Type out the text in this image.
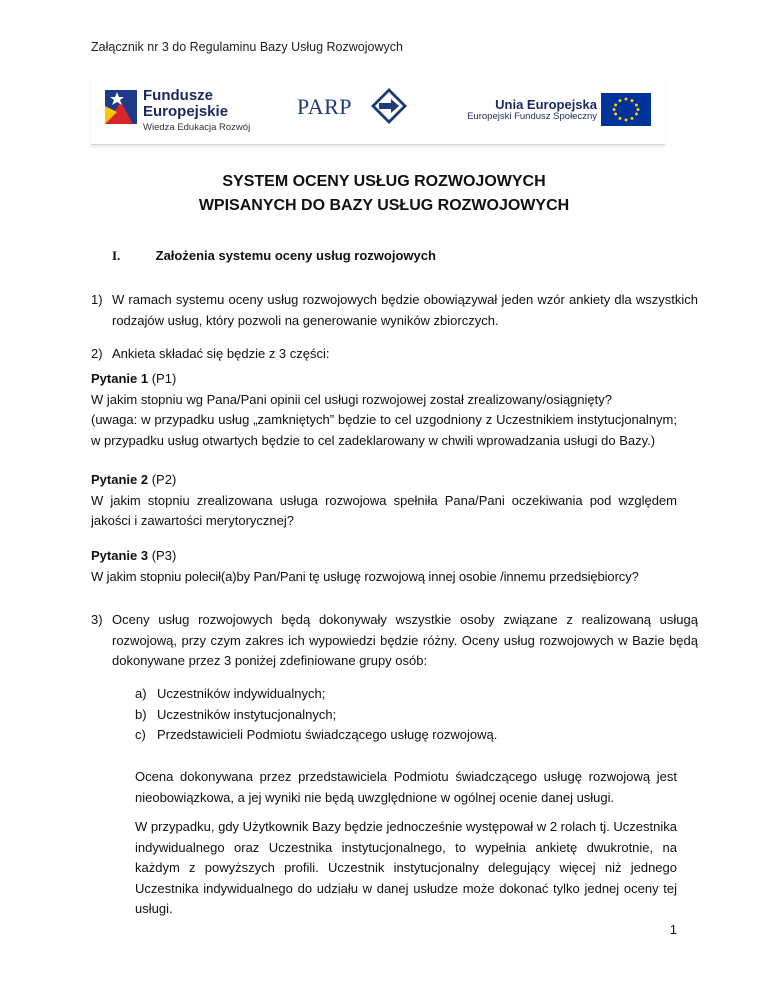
Załącznik nr 3 do Regulaminu Bazy Usług Rozwojowych
Fundusze
Europejskie
Wiedza Edukacja Rozwój
PARP	Unia Europejska
Europejski Fundusz Społeczny
SYSTEM OCENY USŁUG ROZWOJOWYCH
WPISANYCH DO BAZY USŁUG ROZWOJOWYCH
I.	Założenia systemu oceny usług rozwojowych
1) W ramach systemu oceny usług rozwojowych będzie obowiązywał jeden wzór ankiety dla wszystkich rodzajów usług, który pozwoli na generowanie wyników zbiorczych.
2) Ankieta składać się będzie z 3 części:
Pytanie 1 (P1)
W jakim stopniu wg Pana/Pani opinii cel usługi rozwojowej został zrealizowany/osiągnięty?
(uwaga: w przypadku usług „zamkniętych” będzie to cel uzgodniony z Uczestnikiem instytucjonalnym; w przypadku usług otwartych będzie to cel zadeklarowany w chwili wprowadzania usługi do Bazy.)
Pytanie 2 (P2)
W jakim stopniu zrealizowana usługa rozwojowa spełniła Pana/Pani oczekiwania pod względem jakości i zawartości merytorycznej?
Pytanie 3 (P3)
W jakim stopniu polecił(a)by Pan/Pani tę usługę rozwojową innej osobie /innemu przedsiębiorcy?
3) Oceny usług rozwojowych będą dokonywały wszystkie osoby związane z realizowaną usługą rozwojową, przy czym zakres ich wypowiedzi będzie różny. Oceny usług rozwojowych w Bazie będą dokonywane przez 3 poniżej zdefiniowane grupy osób:
a) Uczestników indywidualnych;
b) Uczestników instytucjonalnych;
c) Przedstawicieli Podmiotu świadczącego usługę rozwojową.
Ocena dokonywana przez przedstawiciela Podmiotu świadczącego usługę rozwojową jest nieobowiązkowa, a jej wyniki nie będą uwzględnione w ogólnej ocenie danej usługi.
W przypadku, gdy Użytkownik Bazy będzie jednocześnie występował w 2 rolach tj. Uczestnika indywidualnego oraz Uczestnika instytucjonalnego, to wypełnia ankietę dwukrotnie, na każdym z powyższych profili. Uczestnik instytucjonalny delegujący więcej niż jednego Uczestnika indywidualnego do udziału w danej usłudze może dokonać tylko jednej oceny tej usługi.
1
